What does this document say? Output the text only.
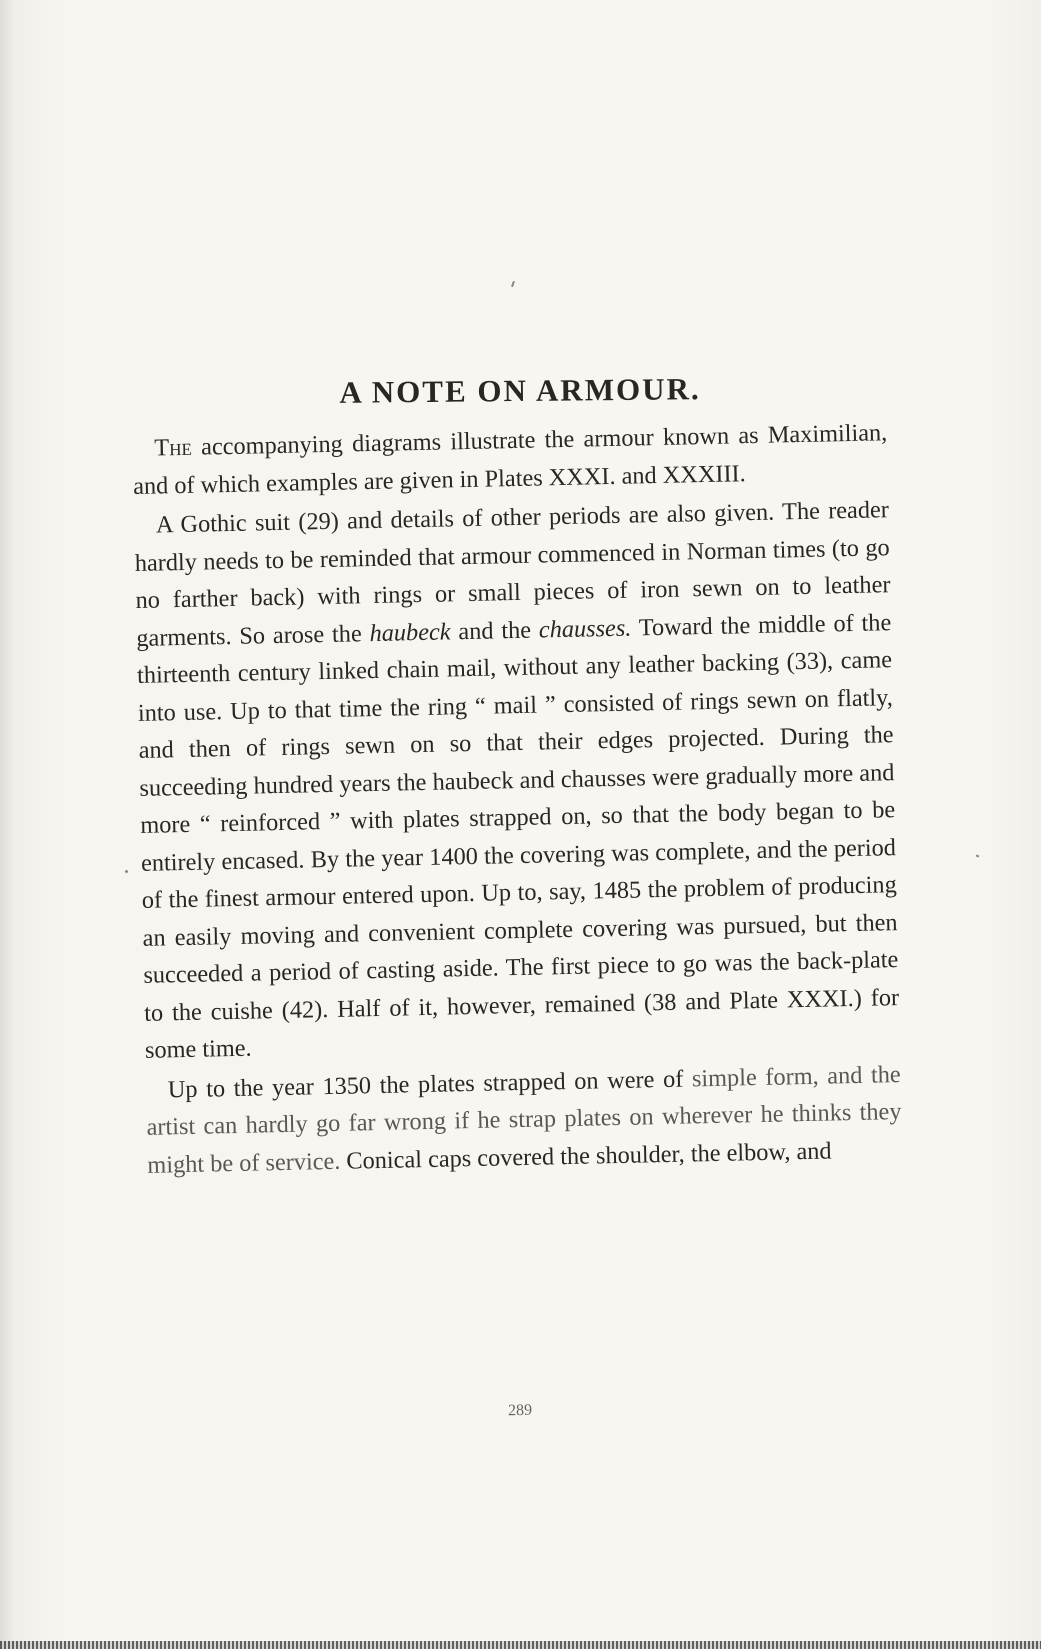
A NOTE ON ARMOUR.

The accompanying diagrams illustrate the armour known as Maximilian, and of which examples are given in Plates XXXI. and XXXIII.

A Gothic suit (29) and details of other periods are also given. The reader hardly needs to be reminded that armour commenced in Norman times (to go no farther back) with rings or small pieces of iron sewn on to leather garments. So arose the haubeck and the chausses. Toward the middle of the thirteenth century linked chain mail, without any leather backing (33), came into use. Up to that time the ring “ mail ” consisted of rings sewn on flatly, and then of rings sewn on so that their edges projected. During the succeeding hundred years the haubeck and chausses were gradually more and more “ reinforced ” with plates strapped on, so that the body began to be entirely encased. By the year 1400 the covering was complete, and the period of the finest armour entered upon. Up to, say, 1485 the problem of producing an easily moving and convenient complete covering was pursued, but then succeeded a period of casting aside. The first piece to go was the back-plate to the cuishe (42). Half of it, however, remained (38 and Plate XXXI.) for some time.

Up to the year 1350 the plates strapped on were of simple form, and the artist can hardly go far wrong if he strap plates on wherever he thinks they might be of service. Conical caps covered the shoulder, the elbow, and

289
